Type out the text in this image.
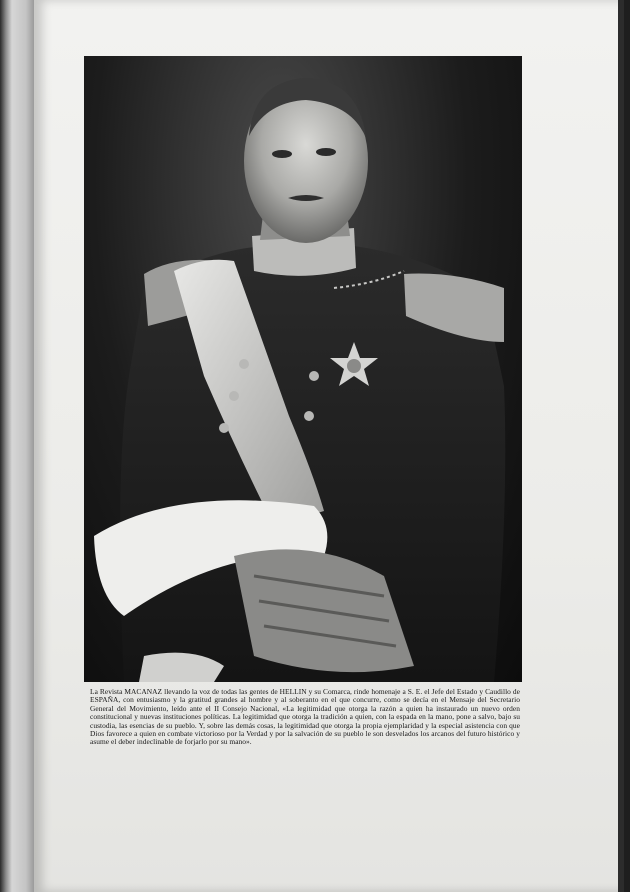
La Revista MACANAZ llevando la voz de todas las gentes de HELLIN y su Comarca, rinde homenaje a S. E. el Jefe del Estado y Caudillo de ESPAÑA, con entusiasmo y la gratitud grandes al hombre y al soberanto en el que concurre, como se decía en el Mensaje del Secretario General del Movimiento, leído ante el II Consejo Nacional, «La legitimidad que otorga la razón a quien ha instaurado un nuevo orden constitucional y nuevas instituciones políticas. La legitimidad que otorga la tradición a quien, con la espada en la mano, pone a salvo, bajo su custodia, las esencias de su pueblo. Y, sobre las demás cosas, la legitimidad que otorga la propia ejemplaridad y la especial asistencia con que Dios favorece a quien en combate victorioso por la Verdad y por la salvación de su pueblo le son desvelados los arcanos del futuro histórico y asume el deber indeclinable de forjarlo por su mano».
